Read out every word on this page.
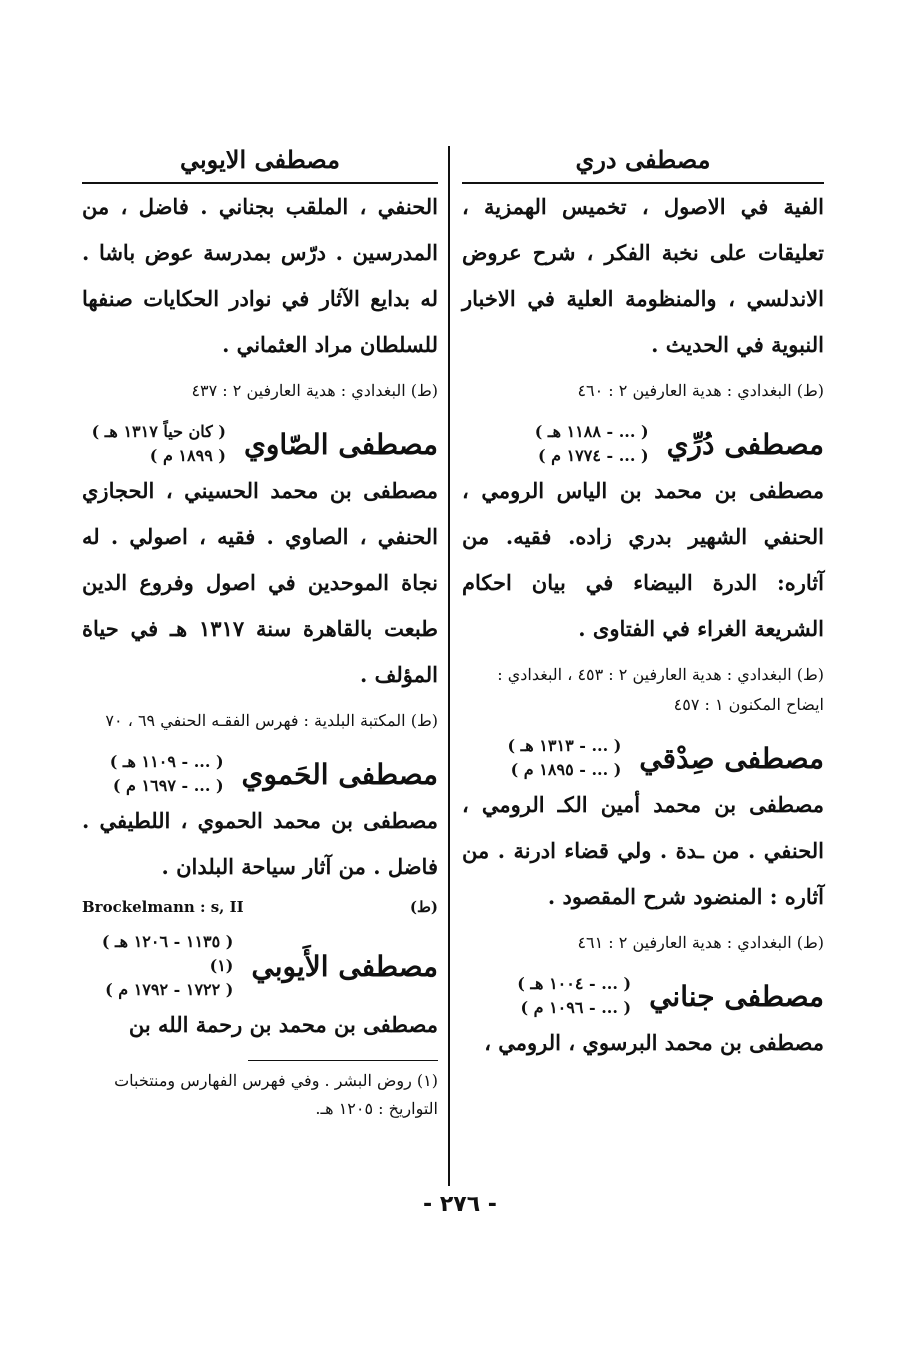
مصطفى دري

الفية في الاصول ، تخميس الهمزية ، تعليقات على نخبة الفكر ، شرح عروض الاندلسي ، والمنظومة العلية في الاخبار النبوية في الحديث .

(ط) البغدادي : هدية العارفين ٢ : ٤٦٠

مصطفى دُرِّي
( ... - ١١٨٨ هـ )
( ... - ١٧٧٤ م )

مصطفى بن محمد بن الياس الرومي ، الحنفي الشهير بدري زاده. فقيه. من آثاره: الدرة البيضاء في بيان احكام الشريعة الغراء في الفتاوى .

(ط) البغدادي : هدية العارفين ٢ : ٤٥٣ ، البغدادي : ايضاح المكنون ١ : ٤٥٧

مصطفى صِدْقي
( ... - ١٣١٣ هـ )
( ... - ١٨٩٥ م )

مصطفى بن محمد أمين الكـ الرومي ، الحنفي . من ـدة . ولي قضاء ادرنة . من آثاره : المنضود شرح المقصود .

(ط) البغدادي : هدية العارفين ٢ : ٤٦١

مصطفى جناني
( ... - ١٠٠٤ هـ )
( ... - ١٠٩٦ م )

مصطفى بن محمد البرسوي ، الرومي ،

مصطفى الايوبي

الحنفي ، الملقب بجناني . فاضل ، من المدرسين . درّس بمدرسة عوض باشا . له بدايع الآثار في نوادر الحكايات صنفها للسلطان مراد العثماني .

(ط) البغدادي : هدية العارفين ٢ : ٤٣٧

مصطفى الصّاوي
( كان حياً ١٣١٧ هـ )
( ١٨٩٩ م )

مصطفى بن محمد الحسيني ، الحجازي الحنفي ، الصاوي . فقيه ، اصولي . له نجاة الموحدين في اصول وفروع الدين طبعت بالقاهرة سنة ١٣١٧ هـ في حياة المؤلف .

(ط) المكتبة البلدية : فهرس الفقـه الحنفي ٦٩ ، ٧٠

مصطفى الحَموي
( ... - ١١٠٩ هـ )
( ... - ١٦٩٧ م )

مصطفى بن محمد الحموي ، اللطيفي . فاضل . من آثار سياحة البلدان .

Brockelmann : s, II	(ط)
مصطفى الأَيوبي
( ١١٣٥ - ١٢٠٦ هـ )(١)
( ١٧٢٢ - ١٧٩٢ م )

مصطفى بن محمد بن رحمة الله بن

(١) روض البشر . وفي فهرس الفهارس ومنتخبات التواريخ : ١٢٠٥ هـ.

- ٢٧٦ -
